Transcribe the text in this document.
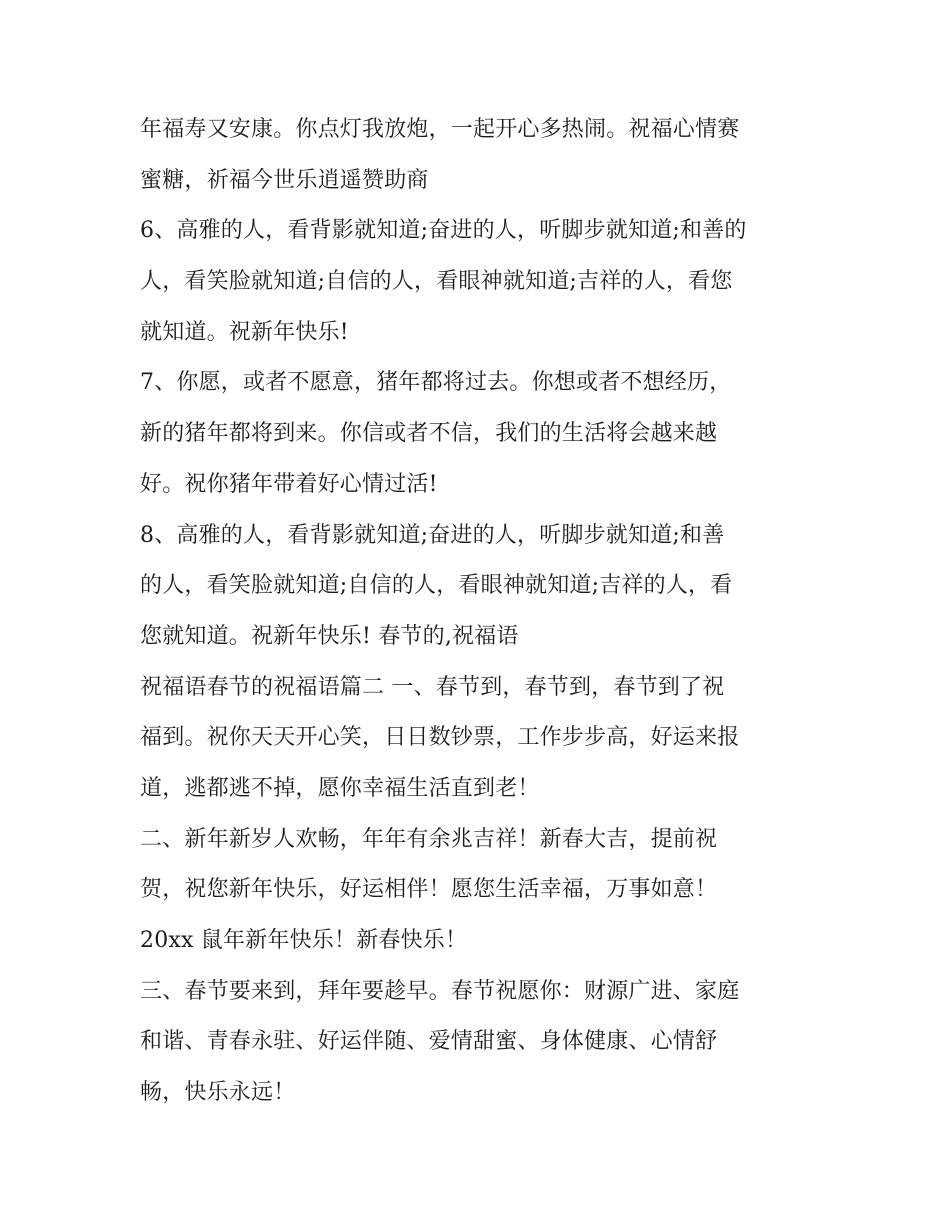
年福寿又安康。你点灯我放炮，一起开心多热闹。祝福心情赛
蜜糖，祈福今世乐逍遥赞助商
6、高雅的人，看背影就知道;奋进的人，听脚步就知道;和善的
人，看笑脸就知道;自信的人，看眼神就知道;吉祥的人，看您
就知道。祝新年快乐!
7、你愿，或者不愿意，猪年都将过去。你想或者不想经历，
新的猪年都将到来。你信或者不信，我们的生活将会越来越
好。祝你猪年带着好心情过活!
8、高雅的人，看背影就知道;奋进的人，听脚步就知道;和善
的人，看笑脸就知道;自信的人，看眼神就知道;吉祥的人，看
您就知道。祝新年快乐! 春节的,祝福语
祝福语春节的祝福语篇二 一、春节到，春节到，春节到了祝
福到。祝你天天开心笑，日日数钞票，工作步步高，好运来报
道，逃都逃不掉，愿你幸福生活直到老！
二、新年新岁人欢畅，年年有余兆吉祥！新春大吉，提前祝
贺，祝您新年快乐，好运相伴！愿您生活幸福，万事如意！
20xx 鼠年新年快乐！新春快乐！
三、春节要来到，拜年要趁早。春节祝愿你：财源广进、家庭
和谐、青春永驻、好运伴随、爱情甜蜜、身体健康、心情舒
畅，快乐永远！
